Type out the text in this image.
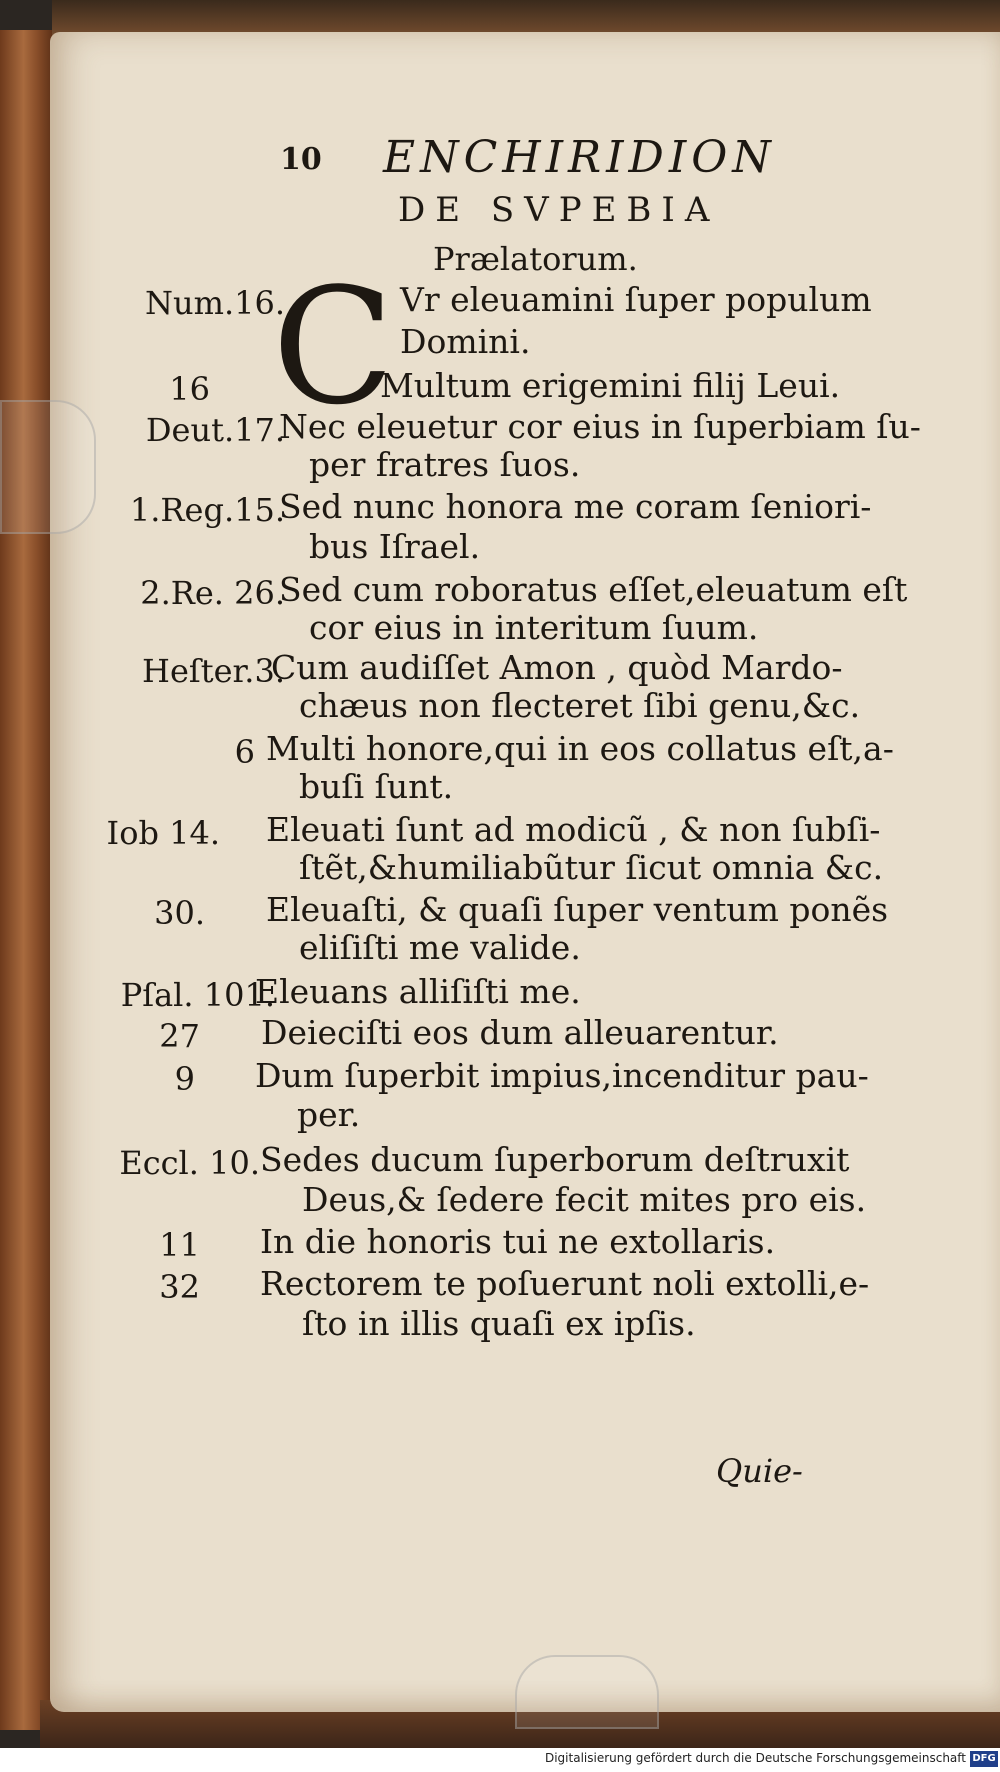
10 ENCHIRIDION
DE SVPEBIA
Prælatorum.
C
Num.16.	Vr eleuamini ſuper populum
Domini.
16	Multum erigemini filij Leui.
Deut.17.
Nec eleuetur cor eius in ſuperbiam ſu-
per fratres ſuos.
1.Reg.15.
Sed nunc honora me coram ſeniori-
bus Iſrael.
2.Re. 26.
Sed cum roboratus eſſet,eleuatum eſt
cor eius in interitum ſuum.
Heſter.3.
Cum audiſſet Amon , quòd Mardo-
chæus non flecteret ſibi genu,&c.
6 Multi honore,qui in eos collatus eſt,a-
buſi ſunt.
Iob 14. Eleuati ſunt ad modicũ , & non ſubſi-
ſtẽt,&humiliabũtur ſicut omnia &c.
30. Eleuaſti, & quaſi ſuper ventum ponẽs
eliſiſti me valide.
Pſal. 101.
Eleuans alliſiſti me.
27 Deieciſti eos dum alleuarentur.
9 Dum ſuperbit impius,incenditur pau-
per.
Eccl. 10. Sedes ducum ſuperborum deſtruxit
Deus,& ſedere fecit mites pro eis.
11 In die honoris tui ne extollaris.
32 Rectorem te poſuerunt noli extolli,e-
ſto in illis quaſi ex ipſis.
Quie-
Digitalisierung gefördert durch die Deutsche Forschungsgemeinschaft DFG
